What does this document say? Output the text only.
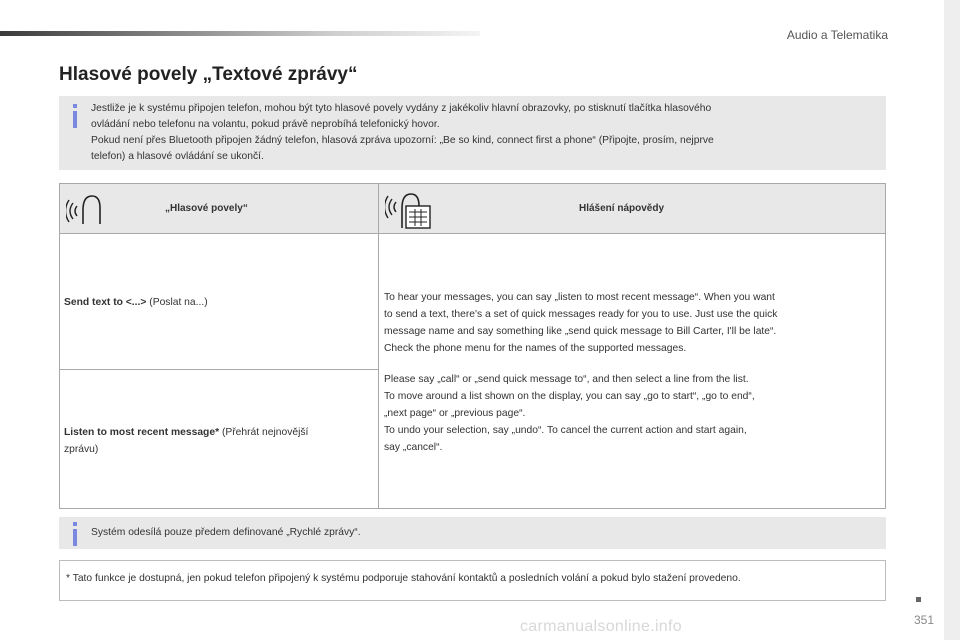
Audio a Telematika
Hlasové povely „Textové zprávy“

Jestliže je k systému připojen telefon, mohou být tyto hlasové povely vydány z jakékoliv hlavní obrazovky, po stisknutí tlačítka hlasového
ovládání nebo telefonu na volantu, pokud právě neprobíhá telefonický hovor.
Pokud není přes Bluetooth připojen žádný telefon, hlasová zpráva upozorní: „Be so kind, connect first a phone“ (Připojte, prosím, nejprve
telefon) a hlasové ovládání se ukončí.

„Hlasové povely“	Hlášení nápovědy
Send text to <...> (Poslat na...)
Listen to most recent message* (Přehrát nejnovější
zprávu)

To hear your messages, you can say „listen to most recent message“. When you want
to send a text, there's a set of quick messages ready for you to use. Just use the quick
message name and say something like „send quick message to Bill Carter, I'll be late“.
Check the phone menu for the names of the supported messages.

Please say „call“ or „send quick message to“, and then select a line from the list.
To move around a list shown on the display, you can say „go to start“, „go to end“,
„next page“ or „previous page“.
To undo your selection, say „undo“. To cancel the current action and start again,
say „cancel“.

Systém odesílá pouze předem definované „Rychlé zprávy“.

* Tato funkce je dostupná, jen pokud telefon připojený k systému podporuje stahování kontaktů a posledních volání a pokud bylo stažení provedeno.
351
carmanualsonline.info
